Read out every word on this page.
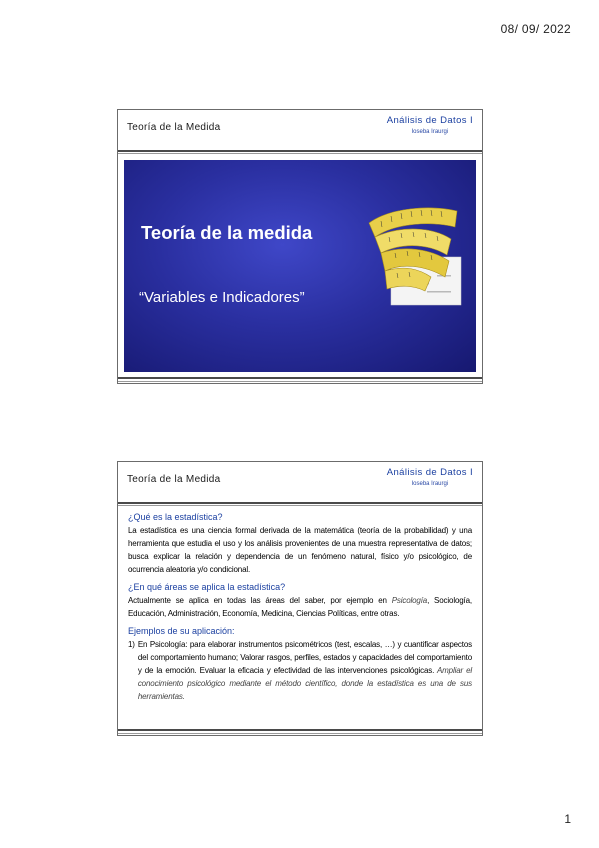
08/ 09/ 2022
Teoría de la Medida
Análisis de Datos I
Ioseba Iraurgi
Teoría de la medida
“Variables e Indicadores”
Teoría de la Medida
Análisis de Datos I
Ioseba Iraurgi
¿Qué es la estadística?
La estadística es una ciencia formal derivada de la matemática (teoría de la probabilidad) y una herramienta que estudia el uso y los análisis provenientes de una muestra representativa de datos; busca explicar la relación y dependencia de un fenómeno natural, físico y/o psicológico, de ocurrencia aleatoria y/o condicional.
¿En qué áreas se aplica la estadística?
Actualmente se aplica en todas las áreas del saber, por ejemplo en Psicología, Sociología, Educación, Administración, Economía, Medicina, Ciencias Políticas, entre otras.
Ejemplos de su aplicación:
1) En Psicología: para elaborar instrumentos psicométricos (test, escalas, …) y cuantificar aspectos del comportamiento humano; Valorar rasgos, perfiles, estados y capacidades del comportamiento y de la emoción. Evaluar la eficacia y efectividad de las intervenciones psicológicas. Ampliar el conocimiento psicológico mediante el método científico, donde la estadística es una de sus herramientas.
1
